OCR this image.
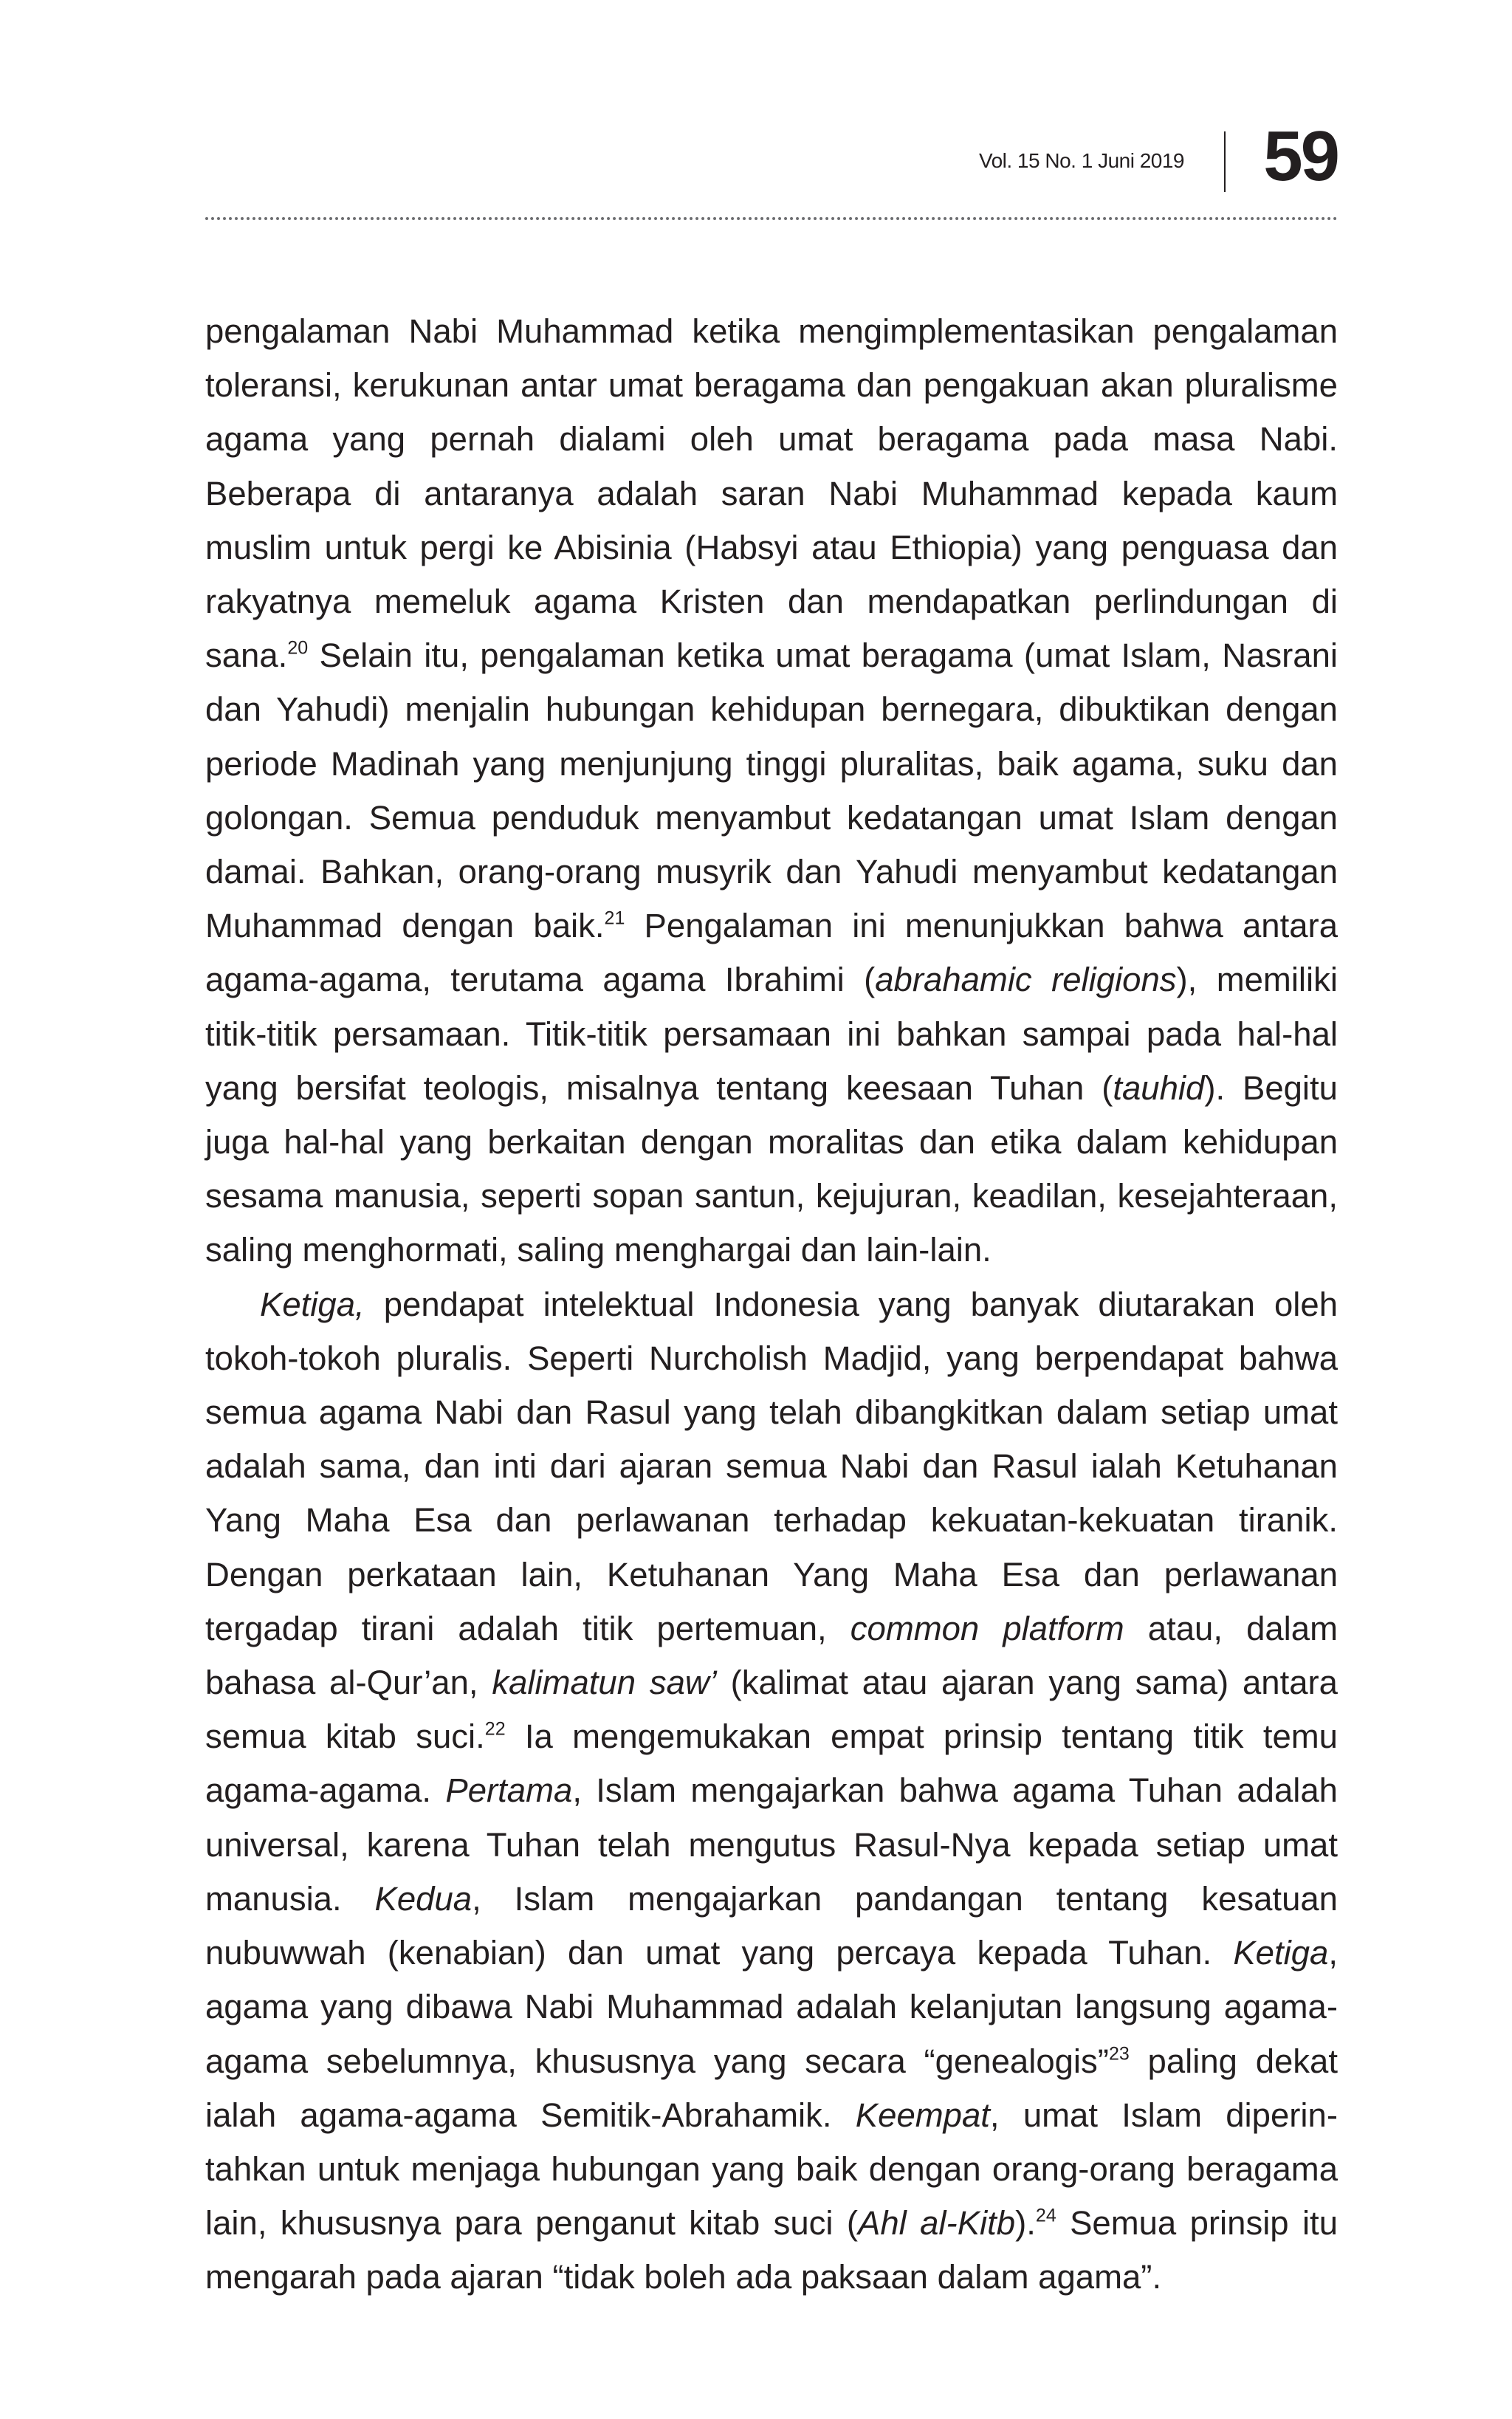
Vol. 15 No. 1 Juni 2019 59

pengalaman Nabi Muhammad ketika mengimplementasikan pengalaman toleransi, kerukunan antar umat beragama dan pengakuan akan pluralisme agama yang pernah dialami oleh umat beragama pada masa Nabi. Beberapa di antaranya adalah saran Nabi Muhammad kepada kaum muslim untuk pergi ke Abisinia (Habsyi atau Ethiopia) yang penguasa dan rakyatnya memeluk agama Kristen dan mendapatkan perlindungan di sana.$^{20}$ Selain itu, pengalaman ketika umat beragama (umat Islam, Nasrani dan Yahudi) menjalin hubungan kehidupan bernegara, dibuktikan dengan periode Madinah yang menjunjung tinggi pluralitas, baik agama, suku dan golongan. Semua penduduk menyambut kedatangan umat Islam dengan damai. Bahkan, orang-orang musyrik dan Yahudi menyambut kedatangan Muhammad dengan baik.$^{21}$ Pengalaman ini menunjukkan bahwa antara agama-agama, terutama agama Ibrahimi (abrahamic religions), memiliki titik-titik persamaan. Titik-titik persamaan ini bahkan sampai pada hal-hal yang bersifat teologis, misalnya tentang keesaan Tuhan (tauhid). Begitu juga hal-hal yang berkaitan dengan moralitas dan etika dalam kehidupan sesama manusia, seperti sopan santun, kejujuran, keadilan, kesejahteraan, saling menghormati, saling menghargai dan lain-lain.

Ketiga, pendapat intelektual Indonesia yang banyak diutarakan oleh tokoh-tokoh pluralis. Seperti Nurcholish Madjid, yang berpendapat bahwa semua agama Nabi dan Rasul yang telah dibangkitkan dalam setiap umat adalah sama, dan inti dari ajaran semua Nabi dan Rasul ialah Ketuhanan Yang Maha Esa dan perlawanan terhadap kekuatan-kekuatan tiranik. Dengan perkataan lain, Ketuhanan Yang Maha Esa dan perlawanan tergadap tirani adalah titik pertemuan, common platform atau, dalam bahasa al-Qur’an, kalimatun saw’ (kalimat atau ajaran yang sama) antara semua kitab suci.$^{22}$ Ia mengemukakan empat prinsip tentang titik temu agama-agama. Pertama, Islam mengajarkan bahwa agama Tuhan adalah universal, karena Tuhan telah mengutus Rasul-Nya kepada setiap umat manusia. Kedua, Islam mengajarkan pandangan tentang kesatuan nubuwwah (kenabian) dan umat yang percaya kepada Tuhan. Ketiga, agama yang dibawa Nabi Muhammad adalah kelanjutan langsung agama-agama sebelumnya, khususnya yang secara “genealogis”$^{23}$ paling dekat ialah agama-agama Semitik-Abrahamik. Keempat, umat Islam diperintahkan untuk menjaga hubungan yang baik dengan orang-orang beragama lain, khususnya para penganut kitab suci (Ahl al-Kitb).$^{24}$ Semua prinsip itu mengarah pada ajaran “tidak boleh ada paksaan dalam agama”.
